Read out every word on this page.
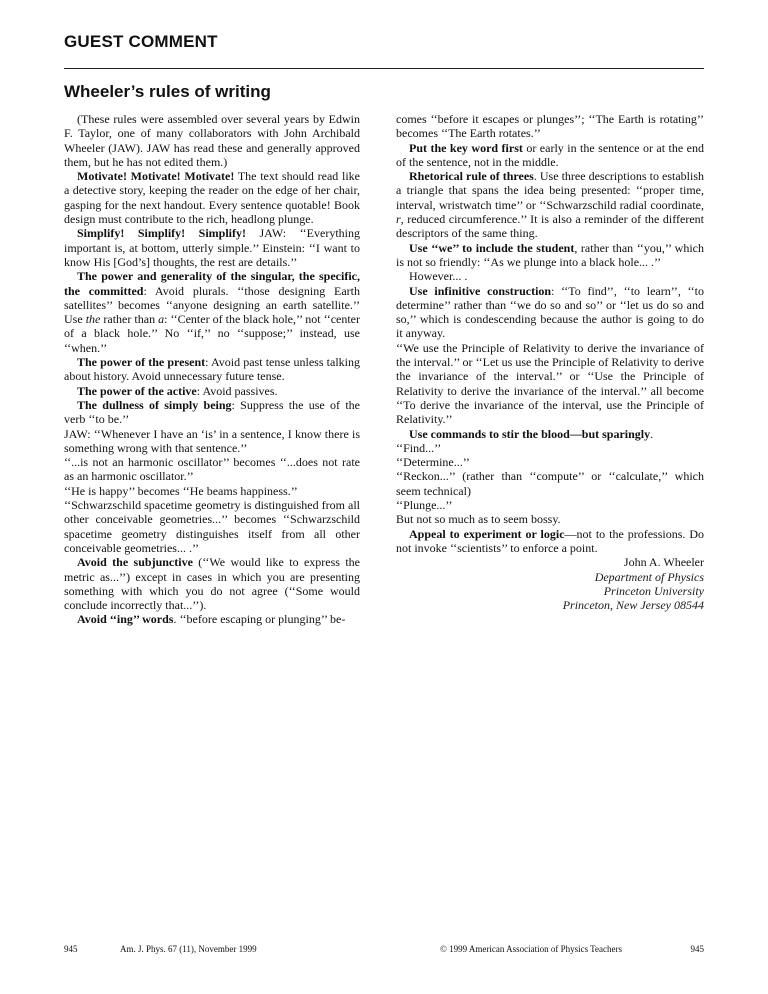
GUEST COMMENT
Wheeler’s rules of writing

(These rules were assembled over several years by Edwin F. Taylor, one of many collaborators with John Archibald Wheeler (JAW). JAW has read these and generally approved them, but he has not edited them.)

Motivate! Motivate! Motivate! The text should read like a detective story, keeping the reader on the edge of her chair, gasping for the next handout. Every sentence quotable! Book design must contribute to the rich, headlong plunge.

Simplify! Simplify! Simplify! JAW: ‘‘Everything important is, at bottom, utterly simple.’’ Einstein: ‘‘I want to know His [God’s] thoughts, the rest are details.’’

The power and generality of the singular, the specific, the committed: Avoid plurals. ‘‘those designing Earth satellites’’ becomes ‘‘anyone designing an earth satellite.’’ Use the rather than a: ‘‘Center of the black hole,’’ not ‘‘center of a black hole.’’ No ‘‘if,’’ no ‘‘suppose;’’ instead, use ‘‘when.’’

The power of the present: Avoid past tense unless talking about history. Avoid unnecessary future tense.

The power of the active: Avoid passives.

The dullness of simply being: Suppress the use of the verb ‘‘to be.’’

JAW: ‘‘Whenever I have an ‘is’ in a sentence, I know there is something wrong with that sentence.’’

‘‘...is not an harmonic oscillator’’ becomes ‘‘...does not rate as an harmonic oscillator.’’

‘‘He is happy’’ becomes ‘‘He beams happiness.’’

‘‘Schwarzschild spacetime geometry is distinguished from all other conceivable geometries...’’ becomes ‘‘Schwarzschild spacetime geometry distinguishes itself from all other conceivable geometries... .’’

Avoid the subjunctive (‘‘We would like to express the metric as...’’) except in cases in which you are presenting something with which you do not agree (‘‘Some would conclude incorrectly that...’’).

Avoid ‘‘ing’’ words. ‘‘before escaping or plunging’’ be-

comes ‘‘before it escapes or plunges’’; ‘‘The Earth is rotating’’ becomes ‘‘The Earth rotates.’’

Put the key word first or early in the sentence or at the end of the sentence, not in the middle.

Rhetorical rule of threes. Use three descriptions to establish a triangle that spans the idea being presented: ‘‘proper time, interval, wristwatch time’’ or ‘‘Schwarzschild radial coordinate, r, reduced circumference.’’ It is also a reminder of the different descriptors of the same thing.

Use ‘‘we’’ to include the student, rather than ‘‘you,’’ which is not so friendly: ‘‘As we plunge into a black hole... .’’

However... .

Use infinitive construction: ‘‘To find’’, ‘‘to learn’’, ‘‘to determine’’ rather than ‘‘we do so and so’’ or ‘‘let us do so and so,’’ which is condescending because the author is going to do it anyway.

‘‘We use the Principle of Relativity to derive the invariance of the interval.’’ or ‘‘Let us use the Principle of Relativity to derive the invariance of the interval.’’ or ‘‘Use the Principle of Relativity to derive the invariance of the interval.’’ all become ‘‘To derive the invariance of the interval, use the Principle of Relativity.’’

Use commands to stir the blood—but sparingly.

‘‘Find...’’

‘‘Determine...’’

‘‘Reckon...’’ (rather than ‘‘compute’’ or ‘‘calculate,’’ which seem technical)

‘‘Plunge...’’

But not so much as to seem bossy.

Appeal to experiment or logic—not to the professions. Do not invoke ‘‘scientists’’ to enforce a point.

John A. Wheeler

Department of Physics

Princeton University

Princeton, New Jersey 08544

945	Am. J. Phys. 67 (11), November 1999	© 1999 American Association of Physics Teachers	945
